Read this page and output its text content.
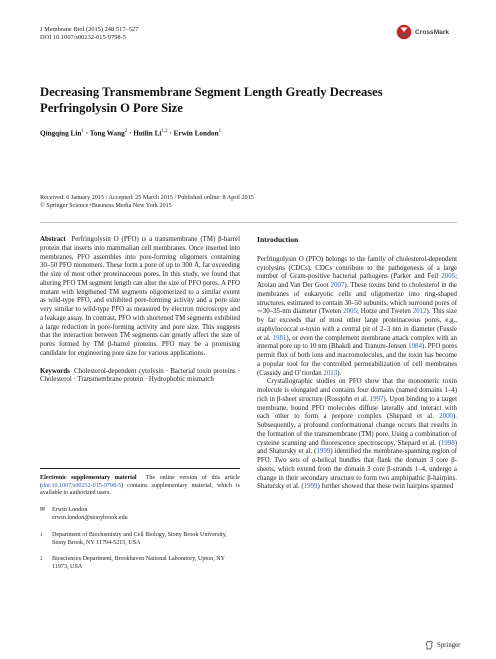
J Membrane Biol (2015) 248:517–527
DOI 10.1007/s00232-015-9798-5
CrossMark
Decreasing Transmembrane Segment Length Greatly Decreases Perfringolysin O Pore Size
Qingqing Lin$^1$ · Tong Wang$^2$ · Huilin Li$^{1,2}$ · Erwin London$^1$
Received: 6 January 2015 / Accepted: 25 March 2015 / Published online: 8 April 2015
© Springer Science+Business Media New York 2015

Abstract Perfringolysin O (PFO) is a transmembrane (TM) β-barrel protein that inserts into mammalian cell membranes. Once inserted into membranes, PFO assembles into pore-forming oligomers containing 30–50 PFO monomers. These form a pore of up to 300 Å, far exceeding the size of most other proteinaceous pores. In this study, we found that altering PFO TM segment length can alter the size of PFO pores. A PFO mutant with lengthened TM segments oligomerized to a similar extent as wild-type PFO, and exhibited pore-forming activity and a pore size very similar to wild-type PFO as measured by electron microscopy and a leakage assay. In contrast, PFO with shortened TM segments exhibited a large reduction in pore-forming activity and pore size. This suggests that the interaction between TM segments can greatly affect the size of pores formed by TM β-barrel proteins. PFO may be a promising candidate for engineering pore size for various applications.

Keywords Cholesterol-dependent cytolysin · Bacterial toxin proteins · Cholesterol · Transmembrane protein · Hydrophobic mismatch

Electronic supplementary material The online version of this article (doi:10.1007/s00232-015-9798-5) contains supplementary material, which is available to authorized users.
✉ Erwin London
erwin.london@stonybrook.edu
1	Department of Biochemistry and Cell Biology, Stony Brook University, Stony Brook, NY 11794-5215, USA
2	Biosciences Department, Brookhaven National Laboratory, Upton, NY 11973, USA
Introduction

Perfringolysin O (PFO) belongs to the family of cholesterol-dependent cytolysins (CDCs). CDCs contribute to the pathogenesis of a large number of Gram-positive bacterial pathogens (Parker and Feil 2005; Aroian and Van Der Goot 2007). These toxins bind to cholesterol in the membranes of eukaryotic cells and oligomerize into ring-shaped structures, estimated to contain 30–50 subunits, which surround pores of ∼30–35-nm diameter (Tweten 2005; Hotze and Tweten 2012). This size by far exceeds that of most other large proteinaceous pores, e.g., staphylococcal α-toxin with a central pit of 2–3 nm in diameter (Fussle et al. 1981), or even the complement membrane attack complex with an internal pore up to 10 nm (Bhakdi and Tranum-Jensen 1984). PFO pores permit flux of both ions and macromolecules, and the toxin has become a popular tool for the controlled permeabilization of cell membranes (Cassidy and O’riordan 2013).

Crystallographic studies on PFO show that the monomeric toxin molecule is elongated and contains four domains (named domains 1–4) rich in β-sheet structure (Rossjohn et al. 1997). Upon binding to a target membrane, bound PFO molecules diffuse laterally and interact with each other to form a prepore complex (Shepard et al. 2000). Subsequently, a profound conformational change occurs that results in the formation of the transmembrane (TM) pore. Using a combination of cysteine scanning and fluorescence spectroscopy, Shepard et al. (1998) and Shatursky et al. (1999) identified the membrane-spanning region of PFO. Two sets of α-helical bundles that flank the domain 3 core β-sheets, which extend from the domain 3 core β-strands 1–4, undergo a change in their secondary structure to form two amphipathic β-hairpins. Shatursky et al. (1999) further showed that these twin hairpins spanned

Springer
